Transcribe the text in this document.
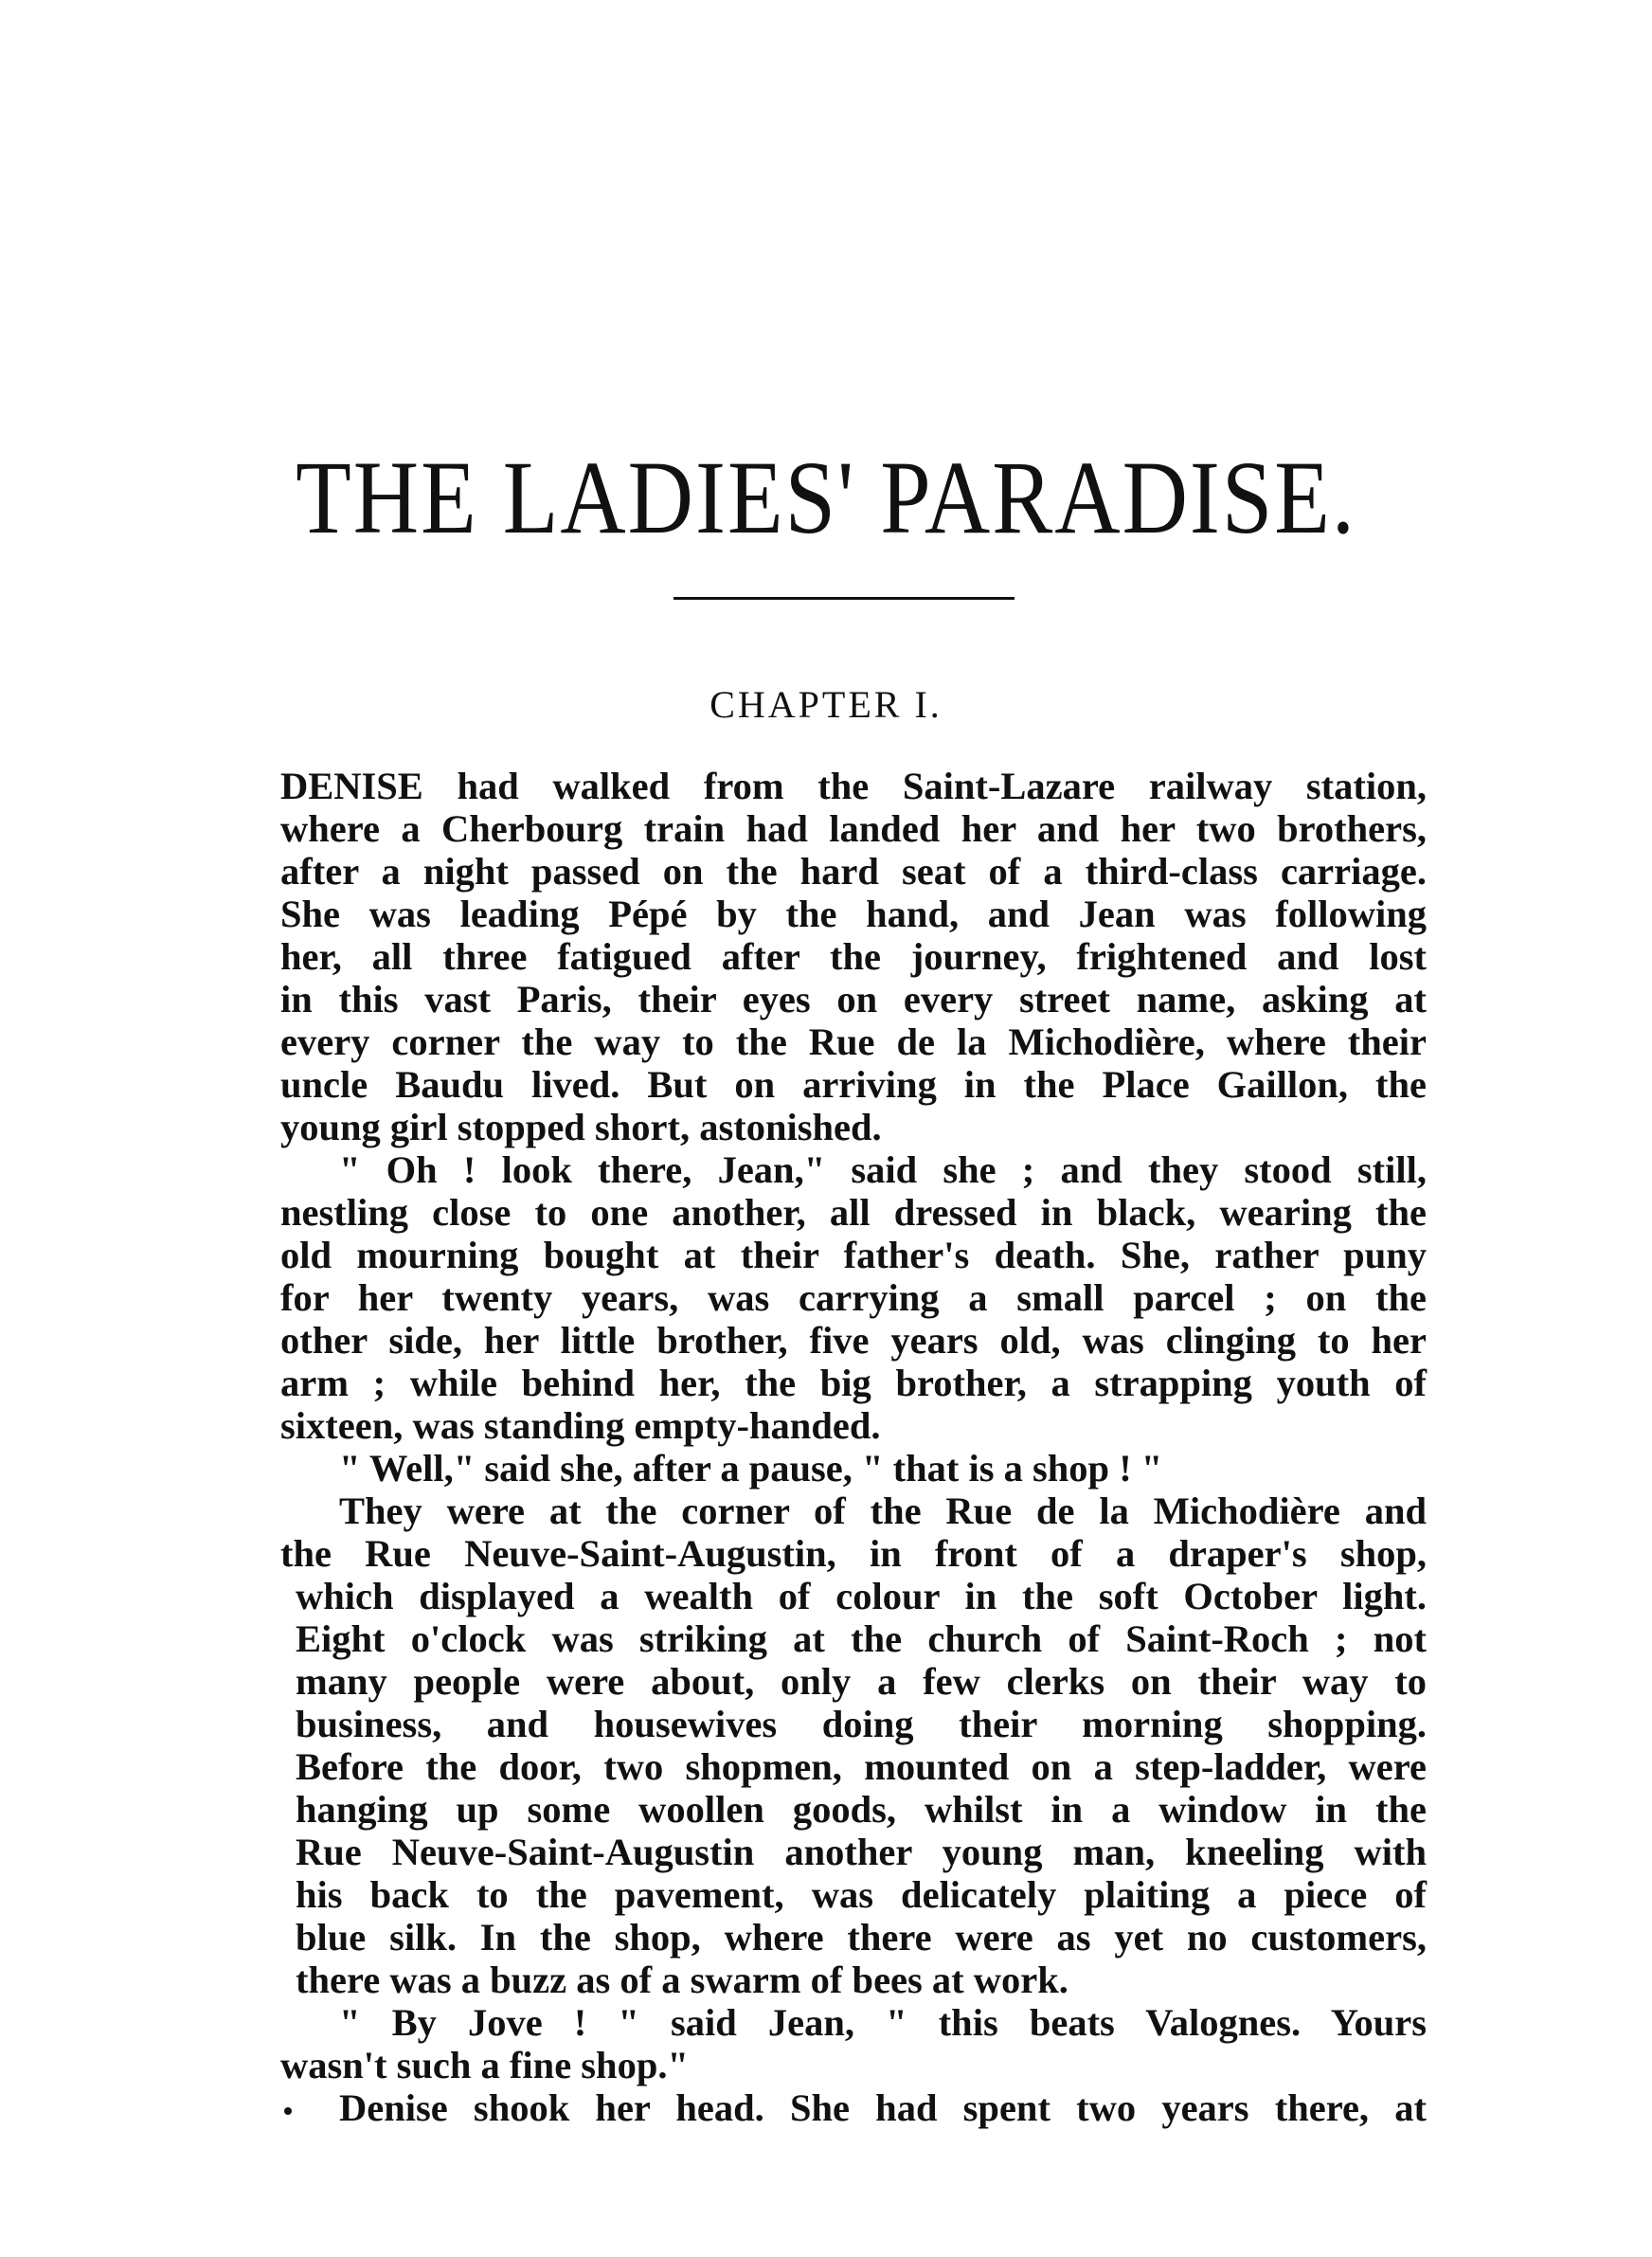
THE LADIES' PARADISE.
CHAPTER I.
DENISE had walked from the Saint-Lazare railway station,
where a Cherbourg train had landed her and her two brothers,
after a night passed on the hard seat of a third-class carriage.
She was leading Pépé by the hand, and Jean was following
her, all three fatigued after the journey, frightened and lost
in this vast Paris, their eyes on every street name, asking at
every corner the way to the Rue de la Michodière, where their
uncle Baudu lived. But on arriving in the Place Gaillon, the
young girl stopped short, astonished.
" Oh ! look there, Jean," said she ; and they stood still,
nestling close to one another, all dressed in black, wearing the
old mourning bought at their father's death. She, rather puny
for her twenty years, was carrying a small parcel ; on the
other side, her little brother, five years old, was clinging to her
arm ; while behind her, the big brother, a strapping youth of
sixteen, was standing empty-handed.
" Well," said she, after a pause, " that is a shop ! "
They were at the corner of the Rue de la Michodière and
the Rue Neuve-Saint-Augustin, in front of a draper's shop,
which displayed a wealth of colour in the soft October light.
Eight o'clock was striking at the church of Saint-Roch ; not
many people were about, only a few clerks on their way to
business, and housewives doing their morning shopping.
Before the door, two shopmen, mounted on a step-ladder, were
hanging up some woollen goods, whilst in a window in the
Rue Neuve-Saint-Augustin another young man, kneeling with
his back to the pavement, was delicately plaiting a piece of
blue silk. In the shop, where there were as yet no customers,
there was a buzz as of a swarm of bees at work.
" By Jove ! " said Jean, " this beats Valognes. Yours
wasn't such a fine shop."
Denise shook her head. She had spent two years there, at
